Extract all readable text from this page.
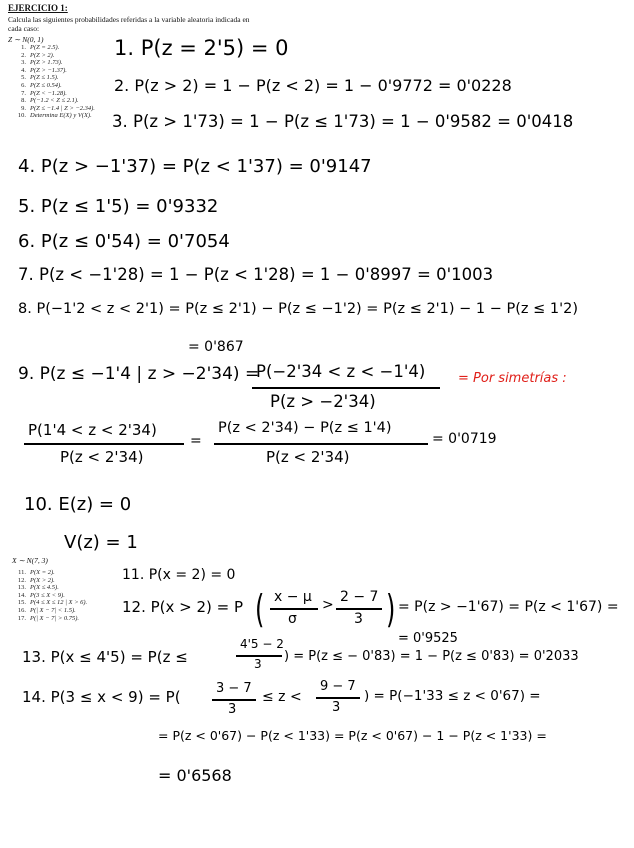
EJERCICIO 1:
Calcula las siguientes probabilidades referidas a la variable aleatoria indicada en cada caso:
Z ∼ N(0, 1)
1. P(Z = 2.5).
2. P(Z > 2).
3. P(Z > 1.73).
4. P(Z > −1.37).
5. P(Z ≤ 1.5).
6. P(Z ≤ 0.54).
7. P(Z < −1.28).
8. P(−1.2 < Z ≤ 2.1).
9. P(Z ≤ −1.4 | Z > −2.34).
10. Determina E(X) y V(X).
X ∼ N(7, 3)
11. P(X = 2).
12. P(X > 2).
13. P(X ≤ 4.5).
14. P(3 ≤ X < 9).
15. P(4 ≤ X ≤ 12 | X > 6).
16. P(| X − 7| < 1.5).
17. P(| X − 7| > 0.75).
1. P(z = 2'5) = 0
2. P(z > 2) = 1 − P(z < 2) = 1 − 0'9772 = 0'0228
3. P(z > 1'73) = 1 − P(z ≤ 1'73) = 1 − 0'9582 = 0'0418
4. P(z > −1'37) = P(z < 1'37) = 0'9147
5. P(z ≤ 1'5) = 0'9332
6. P(z ≤ 0'54) = 0'7054
7. P(z < −1'28) = 1 − P(z < 1'28) = 1 − 0'8997 = 0'1003
8. P(−1'2 < z < 2'1) = P(z ≤ 2'1) − P(z ≤ −1'2) = P(z ≤ 2'1) − 1 − P(z ≤ 1'2)
= 0'867
9. P(z ≤ −1'4 | z > −2'34) =
P(−2'34 < z < −1'4)
P(z > −2'34)
= Por simetrías :
P(1'4 < z < 2'34)
P(z < 2'34)
=
P(z < 2'34) − P(z ≤ 1'4)
P(z < 2'34)
= 0'0719
10. E(z) = 0
V(z) = 1
11. P(x = 2) = 0
12. P(x > 2) = P ( x − μ
σ
> 2 − 7
3 ) = P(z > −1'67) = P(z < 1'67) =
= 0'9525
13. P(x ≤ 4'5) = P(z ≤
4'5 − 2
3 ) = P(z ≤ − 0'83) = 1 − P(z ≤ 0'83) = 0'2033
14. P(3 ≤ x < 9) = P(	3 − 7
3
≤ z <
9 − 7
3
) = P(−1'33 ≤ z < 0'67) =
= P(z < 0'67) − P(z < 1'33) = P(z < 0'67) − 1 − P(z < 1'33) =
= 0'6568
